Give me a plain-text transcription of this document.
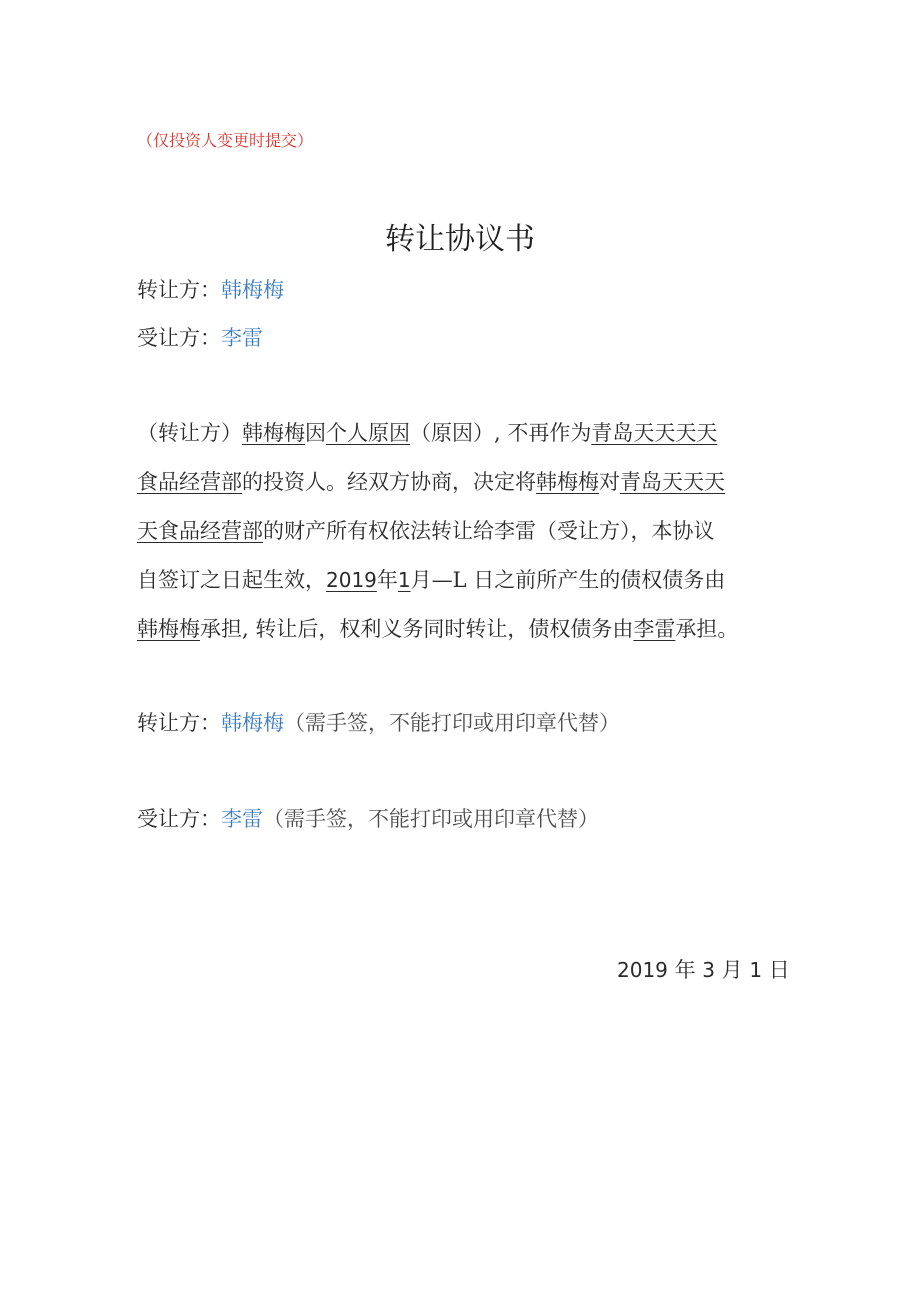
（仅投资人变更时提交）
转让协议书
转让方：韩梅梅
受让方：李雷
（转让方）韩梅梅因个人原因（原因）, 不再作为青岛天天天天
食品经营部的投资人。经双方协商，决定将韩梅梅对青岛天天天
天食品经营部的财产所有权依法转让给李雷（受让方），本协议
自签订之日起生效，2019年1月—L 日之前所产生的债权债务由
韩梅梅承担, 转让后，权利义务同时转让，债权债务由李雷承担。
转让方：韩梅梅（需手签，不能打印或用印章代替）
受让方：李雷（需手签，不能打印或用印章代替）
2019 年 3 月 1 日
